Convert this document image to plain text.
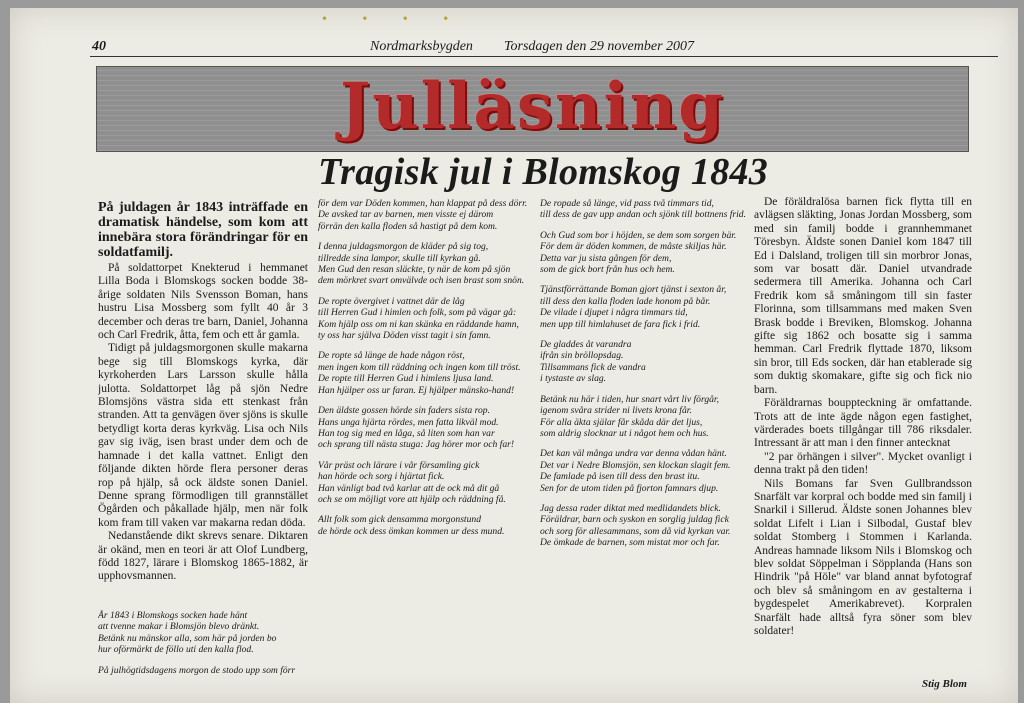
• • • •
40	Nordmarksbygden Torsdagen den 29 november 2007
Julläsning
Tragisk jul i Blomskog 1843
På juldagen år 1843 inträffade en dramatisk händelse, som kom att innebära stora förändringar för en soldatfamilj.

På soldattorpet Knekterud i hemmanet Lilla Boda i Blomskogs socken bodde 38-årige soldaten Nils Svensson Boman, hans hustru Lisa Mossberg som fyllt 40 år 3 december och deras tre barn, Daniel, Johanna och Carl Fredrik, åtta, fem och ett år gamla.

Tidigt på juldagsmorgonen skulle makarna bege sig till Blomskogs kyrka, där kyrkoherden Lars Larsson skulle hålla julotta. Soldattorpet låg på sjön Nedre Blomsjöns västra sida ett stenkast från stranden. Att ta genvägen över sjöns is skulle betydligt korta deras kyrkväg. Lisa och Nils gav sig iväg, isen brast under dem och de hamnade i det kalla vattnet. Enligt den följande dikten hörde flera personer deras rop på hjälp, så ock äldste sonen Daniel. Denne sprang förmodligen till grannstället Ögården och påkallade hjälp, men när folk kom fram till vaken var makarna redan döda.

Nedanstående dikt skrevs senare. Diktaren är okänd, men en teori är att Olof Lundberg, född 1827, lärare i Blomskog 1865-1882, är upphovsmannen.

År 1843 i Blomskogs socken hade hänt
att tvenne makar i Blomsjön blevo dränkt.
Betänk nu mänskor alla, som här på jorden bo
hur oförmärkt de föllo uti den kalla flod.
På julhögtidsdagens morgon de stodo upp som förr
för dem var Döden kommen, han klappat på dess dörr.
De avsked tar av barnen, men visste ej därom
förrän den kalla floden så hastigt på dem kom.
I denna juldagsmorgon de kläder på sig tog,
tillredde sina lampor, skulle till kyrkan gå.
Men Gud den resan släckte, ty när de kom på sjön
dem mörkret svart omvälvde och isen brast som snön.
De ropte övergivet i vattnet där de låg
till Herren Gud i himlen och folk, som på vägar gå:
Kom hjälp oss om ni kan skänka en räddande hamn,
ty oss har själva Döden visst tagit i sin famn.
De ropte så länge de hade någon röst,
men ingen kom till räddning och ingen kom till tröst.
De ropte till Herren Gud i himlens ljusa land.
Han hjälper oss ur faran. Ej hjälper mänsko-hand!
Den äldste gossen hörde sin faders sista rop.
Hans unga hjärta rördes, men fatta likväl mod.
Han tog sig med en låga, så liten som han var
och sprang till nästa stuga: Jag hörer mor och far!
Vår präst och lärare i vår församling gick
han hörde och sorg i hjärtat fick.
Han vänligt bad två karlar att de ock må dit gå
och se om möjligt vore att hjälp och räddning få.
Allt folk som gick densamma morgonstund
de hörde ock dess ömkan kommen ur dess mund.
De ropade så länge, vid pass två timmars tid,
till dess de gav upp andan och sjönk till bottnens frid.
Och Gud som bor i höjden, se dem som sorgen bär.
För dem är döden kommen, de måste skiljas här.
Detta var ju sista gången för dem,
som de gick bort från hus och hem.
Tjänstförrättande Boman gjort tjänst i sexton år,
till dess den kalla floden lade honom på bår.
De vilade i djupet i några timmars tid,
men upp till himlahuset de fara fick i frid.
De gladdes åt varandra
ifrån sin bröllopsdag.
Tillsammans fick de vandra
i tystaste av slag.
Betänk nu här i tiden, hur snart vårt liv förgår,
igenom svåra strider ni livets krona får.
För alla äkta själar får skåda där det ljus,
som aldrig slocknar ut i något hem och hus.
Det kan väl många undra var denna vådan hänt.
Det var i Nedre Blomsjön, sen klockan slagit fem.
De famlade på isen till dess den brast itu.
Sen for de utom tiden på fjorton famnars djup.
Jag dessa rader diktat med medlidandets blick.
Föräldrar, barn och syskon en sorglig juldag fick
och sorg för allesammans, som då vid kyrkan var.
De ömkade de barnen, som mistat mor och far.

De föräldralösa barnen fick flytta till en avlägsen släkting, Jonas Jordan Mossberg, som med sin familj bodde i grannhemmanet Töresbyn. Äldste sonen Daniel kom 1847 till Ed i Dalsland, troligen till sin morbror Jonas, som var bosatt där. Daniel utvandrade sedermera till Amerika. Johanna och Carl Fredrik kom så småningom till sin faster Florinna, som tillsammans med maken Sven Brask bodde i Breviken, Blomskog. Johanna gifte sig 1862 och bosatte sig i samma hemman. Carl Fredrik flyttade 1870, liksom sin bror, till Eds socken, där han etablerade sig som duktig skomakare, gifte sig och fick nio barn.

Föräldrarnas bouppteckning är omfattande. Trots att de inte ägde någon egen fastighet, värderades boets tillgångar till 786 riksdaler. Intressant är att man i den finner antecknat

"2 par örhängen i silver". Mycket ovanligt i denna trakt på den tiden!

Nils Bomans far Sven Gullbrandsson Snarfält var korpral och bodde med sin familj i Snarkil i Sillerud. Äldste sonen Johannes blev soldat Lifelt i Lian i Silbodal, Gustaf blev soldat Stomberg i Stommen i Karlanda. Andreas hamnade liksom Nils i Blomskog och blev soldat Söppelman i Söpplanda (Hans son Hindrik "på Höle" var bland annat byfotograf och blev så småningom en av gestalterna i bygdespelet Amerikabrevet). Korpralen Snarfält hade alltså fyra söner som blev soldater!

Stig Blom
